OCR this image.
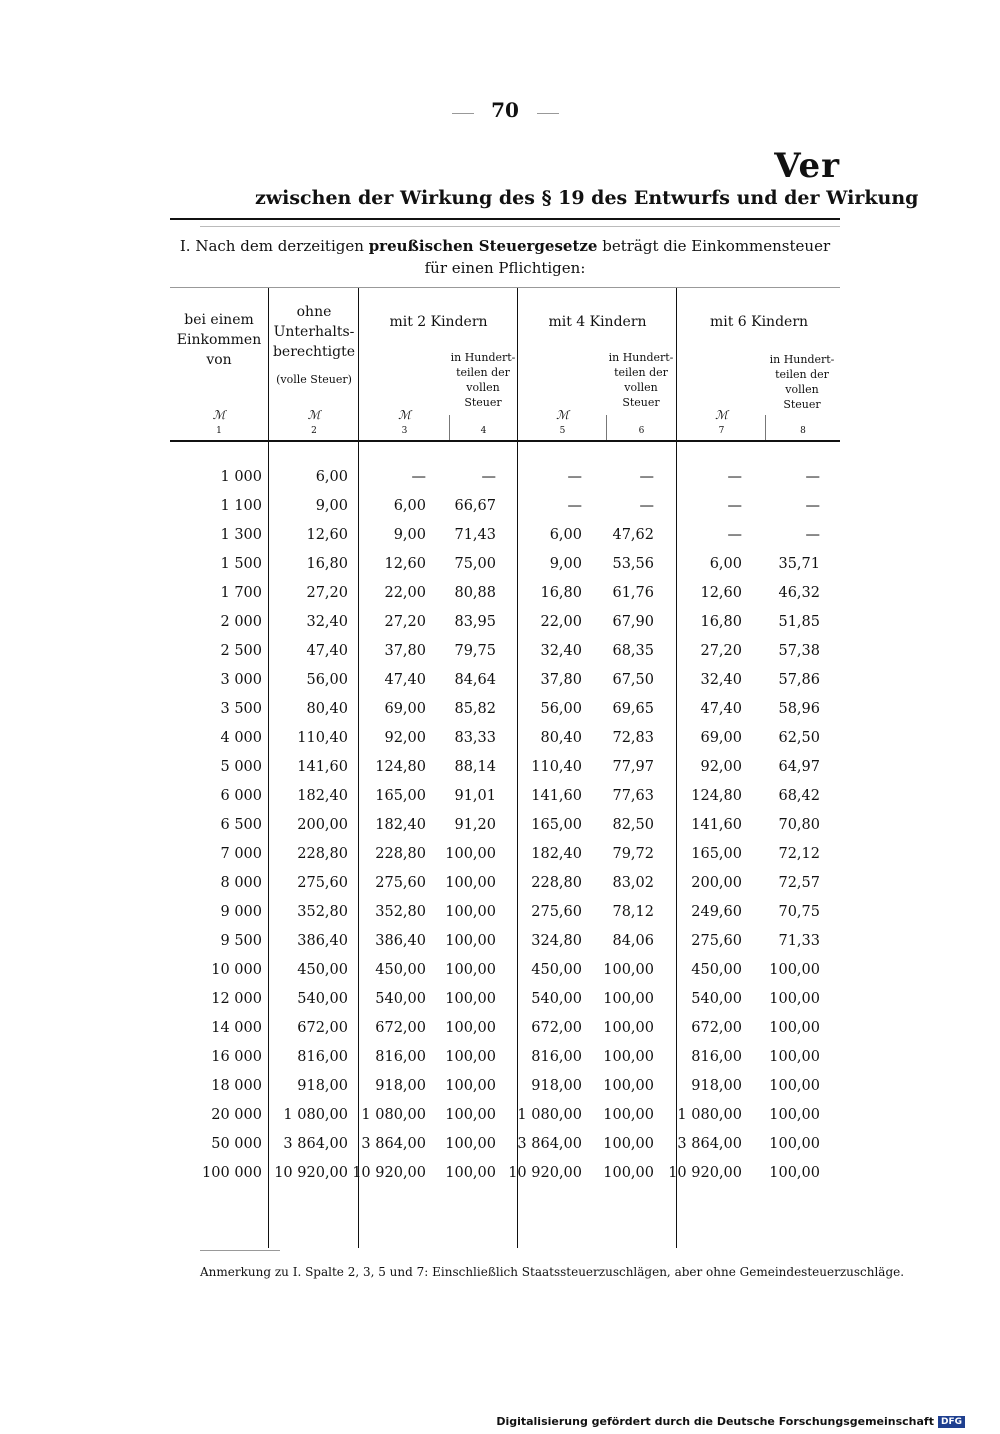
70
Ver
zwischen der Wirkung des § 19 des Entwurfs und der Wirkung
I. Nach dem derzeitigen preußischen Steuergesetze beträgt die Einkommensteuer
für einen Pflichtigen:
bei einem Einkommen von
ohne Unterhalts-berechtigte
(volle Steuer)
mit 2 Kindern	mit 4 Kindern	mit 6 Kindern
in Hundert-teilen der vollen Steuer
in Hundert-teilen der vollen Steuer
in Hundert-teilen der vollen Steuer
ℳ	ℳ	ℳ	ℳ	ℳ
1	2	3	4	5	6	7	8
1 000	6,00	—	—	—	—	—	—
1 100	9,00	6,00	66,67	—	—	—	—
1 300	12,60	9,00	71,43	6,00	47,62	—	—
1 500	16,80	12,60	75,00	9,00	53,56	6,00	35,71
1 700	27,20	22,00	80,88	16,80	61,76	12,60	46,32
2 000	32,40	27,20	83,95	22,00	67,90	16,80	51,85
2 500	47,40	37,80	79,75	32,40	68,35	27,20	57,38
3 000	56,00	47,40	84,64	37,80	67,50	32,40	57,86
3 500	80,40	69,00	85,82	56,00	69,65	47,40	58,96
4 000	110,40	92,00	83,33	80,40	72,83	69,00	62,50
5 000	141,60	124,80	88,14	110,40	77,97	92,00	64,97
6 000	182,40	165,00	91,01	141,60	77,63	124,80	68,42
6 500	200,00	182,40	91,20	165,00	82,50	141,60	70,80
7 000	228,80	228,80	100,00	182,40	79,72	165,00	72,12
8 000	275,60	275,60	100,00	228,80	83,02	200,00	72,57
9 000	352,80	352,80	100,00	275,60	78,12	249,60	70,75
9 500	386,40	386,40	100,00	324,80	84,06	275,60	71,33
10 000	450,00	450,00	100,00	450,00	100,00	450,00	100,00
12 000	540,00	540,00	100,00	540,00	100,00	540,00	100,00
14 000	672,00	672,00	100,00	672,00	100,00	672,00	100,00
16 000	816,00	816,00	100,00	816,00	100,00	816,00	100,00
18 000	918,00	918,00	100,00	918,00	100,00	918,00	100,00
20 000	1 080,00	1 080,00	100,00	1 080,00	100,00	1 080,00	100,00
50 000	3 864,00	3 864,00	100,00	3 864,00	100,00	3 864,00	100,00
100 000	10 920,00	10 920,00	100,00	10 920,00	100,00	10 920,00	100,00
Anmerkung zu I. Spalte 2, 3, 5 und 7: Einschließlich Staatssteuerzuschlägen, aber ohne Gemeindesteuerzuschläge.
Digitalisierung gefördert durch die Deutsche Forschungsgemeinschaft DFG
